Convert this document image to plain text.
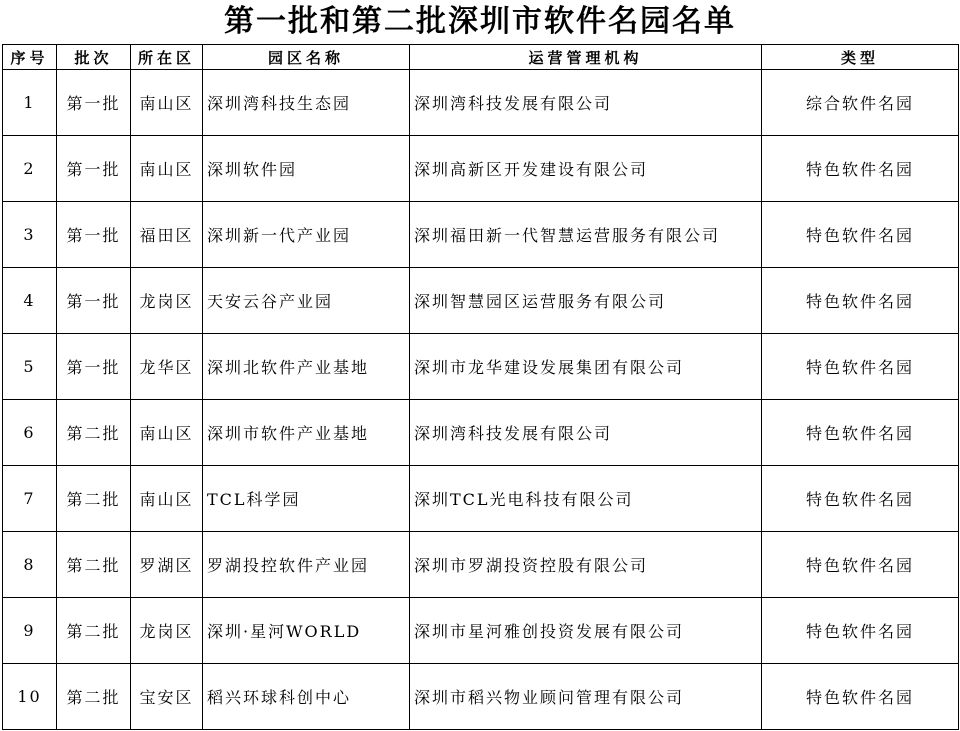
第一批和第二批深圳市软件名园名单
序号	批次	所在区	园区名称	运营管理机构	类型
1	第一批	南山区	深圳湾科技生态园	深圳湾科技发展有限公司	综合软件名园
2	第一批	南山区	深圳软件园	深圳高新区开发建设有限公司	特色软件名园
3	第一批	福田区	深圳新一代产业园	深圳福田新一代智慧运营服务有限公司	特色软件名园
4	第一批	龙岗区	天安云谷产业园	深圳智慧园区运营服务有限公司	特色软件名园
5	第一批	龙华区	深圳北软件产业基地	深圳市龙华建设发展集团有限公司	特色软件名园
6	第二批	南山区	深圳市软件产业基地	深圳湾科技发展有限公司	特色软件名园
7	第二批	南山区	TCL科学园	深圳TCL光电科技有限公司	特色软件名园
8	第二批	罗湖区	罗湖投控软件产业园	深圳市罗湖投资控股有限公司	特色软件名园
9	第二批	龙岗区	深圳·星河WORLD	深圳市星河雅创投资发展有限公司	特色软件名园
10	第二批	宝安区	稻兴环球科创中心	深圳市稻兴物业顾问管理有限公司	特色软件名园
